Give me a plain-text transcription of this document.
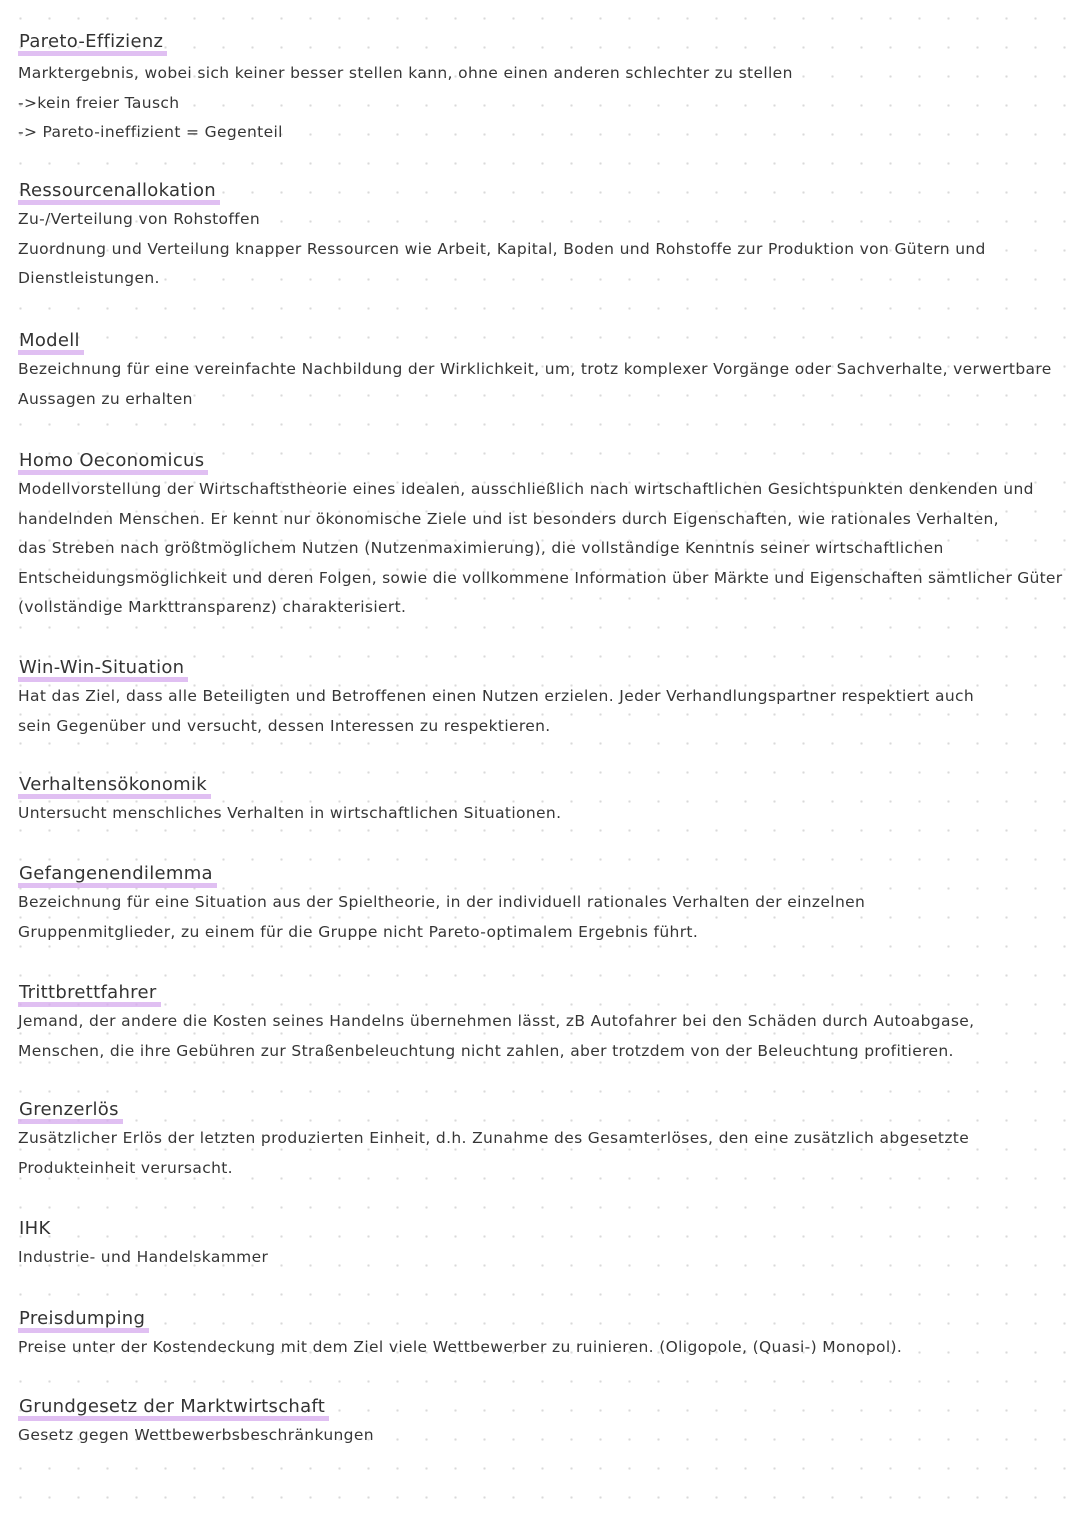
Pareto-Effizienz
Marktergebnis, wobei sich keiner besser stellen kann, ohne einen anderen schlechter zu stellen
->kein freier Tausch
-> Pareto-ineffizient = Gegenteil
Ressourcenallokation
Zu-/Verteilung von Rohstoffen
Zuordnung und Verteilung knapper Ressourcen wie Arbeit, Kapital, Boden und Rohstoffe zur Produktion von Gütern und
Dienstleistungen.
Modell
Bezeichnung für eine vereinfachte Nachbildung der Wirklichkeit, um, trotz komplexer Vorgänge oder Sachverhalte, verwertbare
Aussagen zu erhalten
Homo Oeconomicus
Modellvorstellung der Wirtschaftstheorie eines idealen, ausschließlich nach wirtschaftlichen Gesichtspunkten denkenden und
handelnden Menschen. Er kennt nur ökonomische Ziele und ist besonders durch Eigenschaften, wie rationales Verhalten,
das Streben nach größtmöglichem Nutzen (Nutzenmaximierung), die vollständige Kenntnis seiner wirtschaftlichen
Entscheidungsmöglichkeit und deren Folgen, sowie die vollkommene Information über Märkte und Eigenschaften sämtlicher Güter
(vollständige Markttransparenz) charakterisiert.
Win-Win-Situation
Hat das Ziel, dass alle Beteiligten und Betroffenen einen Nutzen erzielen. Jeder Verhandlungspartner respektiert auch
sein Gegenüber und versucht, dessen Interessen zu respektieren.
Verhaltensökonomik
Untersucht menschliches Verhalten in wirtschaftlichen Situationen.
Gefangenendilemma
Bezeichnung für eine Situation aus der Spieltheorie, in der individuell rationales Verhalten der einzelnen
Gruppenmitglieder, zu einem für die Gruppe nicht Pareto-optimalem Ergebnis führt.
Trittbrettfahrer
Jemand, der andere die Kosten seines Handelns übernehmen lässt, zB Autofahrer bei den Schäden durch Autoabgase,
Menschen, die ihre Gebühren zur Straßenbeleuchtung nicht zahlen, aber trotzdem von der Beleuchtung profitieren.
Grenzerlös
Zusätzlicher Erlös der letzten produzierten Einheit, d.h. Zunahme des Gesamterlöses, den eine zusätzlich abgesetzte
Produkteinheit verursacht.
IHK
Industrie- und Handelskammer
Preisdumping
Preise unter der Kostendeckung mit dem Ziel viele Wettbewerber zu ruinieren. (Oligopole, (Quasi-) Monopol).
Grundgesetz der Marktwirtschaft
Gesetz gegen Wettbewerbsbeschränkungen
